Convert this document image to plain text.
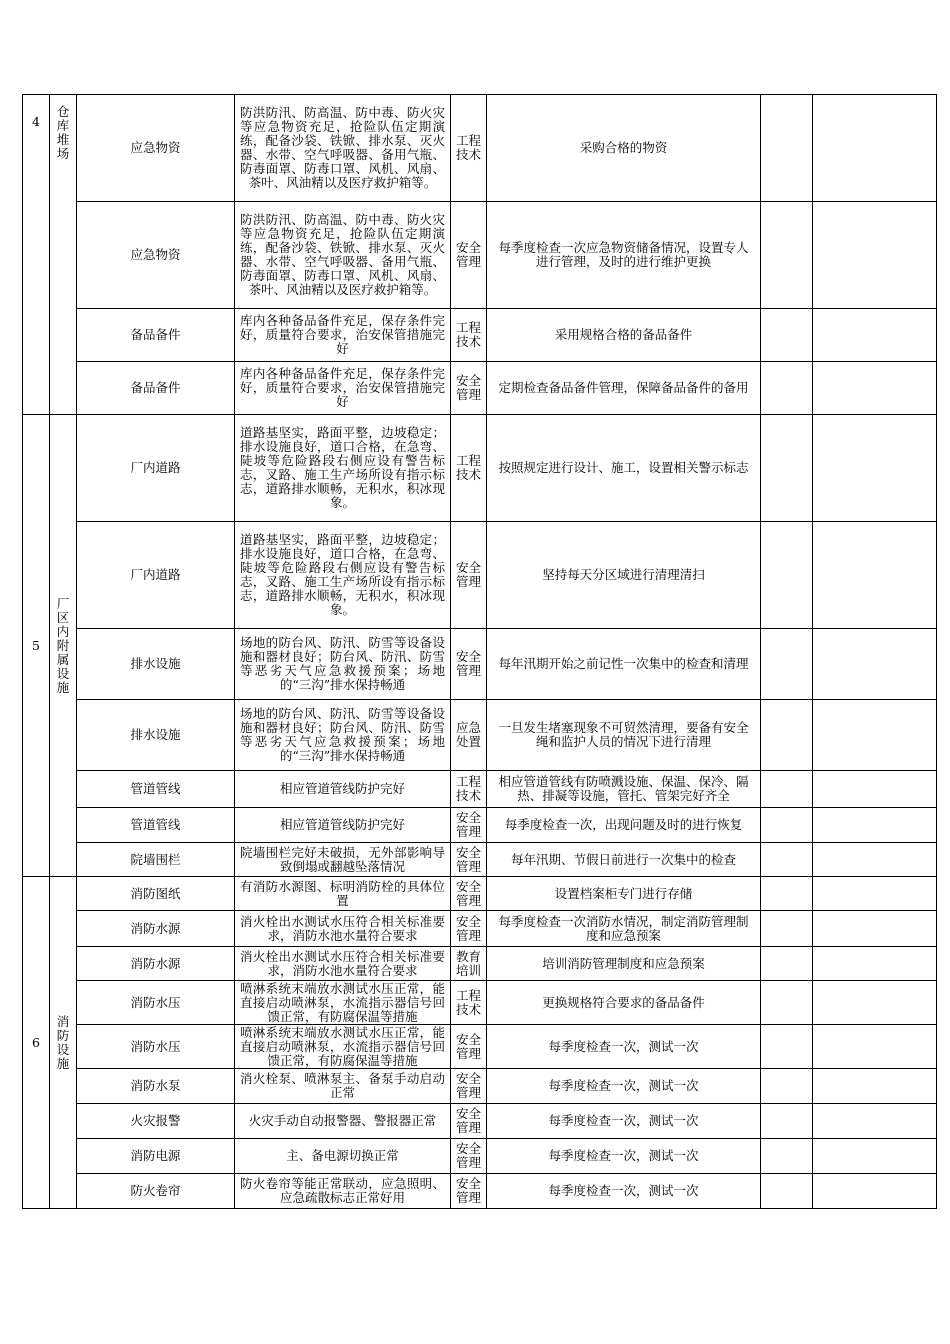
4	仓库堆场	应急物资	防洪防汛、防高温、防中毒、防火灾等应急物资充足，抢险队伍定期演练，配备沙袋、铁锨、排水泵、灭火器、水带、空气呼吸器、备用气瓶、防毒面罩、防毒口罩、风机、风扇、茶叶、风油精以及医疗救护箱等。	工程技术	采购合格的物资		
		应急物资	防洪防汛、防高温、防中毒、防火灾等应急物资充足，抢险队伍定期演练，配备沙袋、铁锨、排水泵、灭火器、水带、空气呼吸器、备用气瓶、防毒面罩、防毒口罩、风机、风扇、茶叶、风油精以及医疗救护箱等。	安全管理	每季度检查一次应急物资储备情况，设置专人进行管理，及时的进行维护更换		
		备品备件	库内各种备品备件充足，保存条件完好，质量符合要求，治安保管措施完好	工程技术	采用规格合格的备品备件		
		备品备件	库内各种备品备件充足，保存条件完好，质量符合要求，治安保管措施完好	安全管理	定期检查备品备件管理，保障备品备件的备用		
5	厂区内附属设施	厂内道路	道路基坚实，路面平整，边坡稳定；排水设施良好，道口合格，在急弯、陡坡等危险路段右侧应设有警告标志，叉路、施工生产场所设有指示标志，道路排水顺畅，无积水，积冰现象。	工程技术	按照规定进行设计、施工，设置相关警示标志		
		厂内道路	道路基坚实，路面平整，边坡稳定；排水设施良好，道口合格，在急弯、陡坡等危险路段右侧应设有警告标志，叉路、施工生产场所设有指示标志，道路排水顺畅，无积水，积冰现象。	安全管理	坚持每天分区域进行清理清扫		
		排水设施	场地的防台风、防汛、防雪等设备设施和器材良好；防台风、防汛、防雪等恶劣天气应急救援预案；场地的“三沟”排水保持畅通	安全管理	每年汛期开始之前记性一次集中的检查和清理		
		排水设施	场地的防台风、防汛、防雪等设备设施和器材良好；防台风、防汛、防雪等恶劣天气应急救援预案；场地的“三沟”排水保持畅通	应急处置	一旦发生堵塞现象不可贸然清理，要备有安全绳和监护人员的情况下进行清理		
		管道管线	相应管道管线防护完好	工程技术	相应管道管线有防喷溅设施、保温、保冷、隔热、排凝等设施，管托、管架完好齐全		
		管道管线	相应管道管线防护完好	安全管理	每季度检查一次，出现问题及时的进行恢复		
		院墙围栏	院墙围栏完好未破损，无外部影响导致倒塌或翻越坠落情况	安全管理	每年汛期、节假日前进行一次集中的检查		
6	消防设施	消防图纸	有消防水源图、标明消防栓的具体位置	安全管理	设置档案柜专门进行存储		
		消防水源	消火栓出水测试水压符合相关标准要求，消防水池水量符合要求	安全管理	每季度检查一次消防水情况，制定消防管理制度和应急预案		
		消防水源	消火栓出水测试水压符合相关标准要求，消防水池水量符合要求	教育培训	培训消防管理制度和应急预案		
		消防水压	喷淋系统末端放水测试水压正常，能直接启动喷淋泵，水流指示器信号回馈正常，有防腐保温等措施	工程技术	更换规格符合要求的备品备件		
		消防水压	喷淋系统末端放水测试水压正常，能直接启动喷淋泵，水流指示器信号回馈正常，有防腐保温等措施	安全管理	每季度检查一次，测试一次		
		消防水泵	消火栓泵、喷淋泵主、备泵手动启动正常	安全管理	每季度检查一次，测试一次		
		火灾报警	火灾手动自动报警器、警报器正常	安全管理	每季度检查一次，测试一次		
		消防电源	主、备电源切换正常	安全管理	每季度检查一次，测试一次		
		防火卷帘	防火卷帘等能正常联动，应急照明、应急疏散标志正常好用	安全管理	每季度检查一次，测试一次		
